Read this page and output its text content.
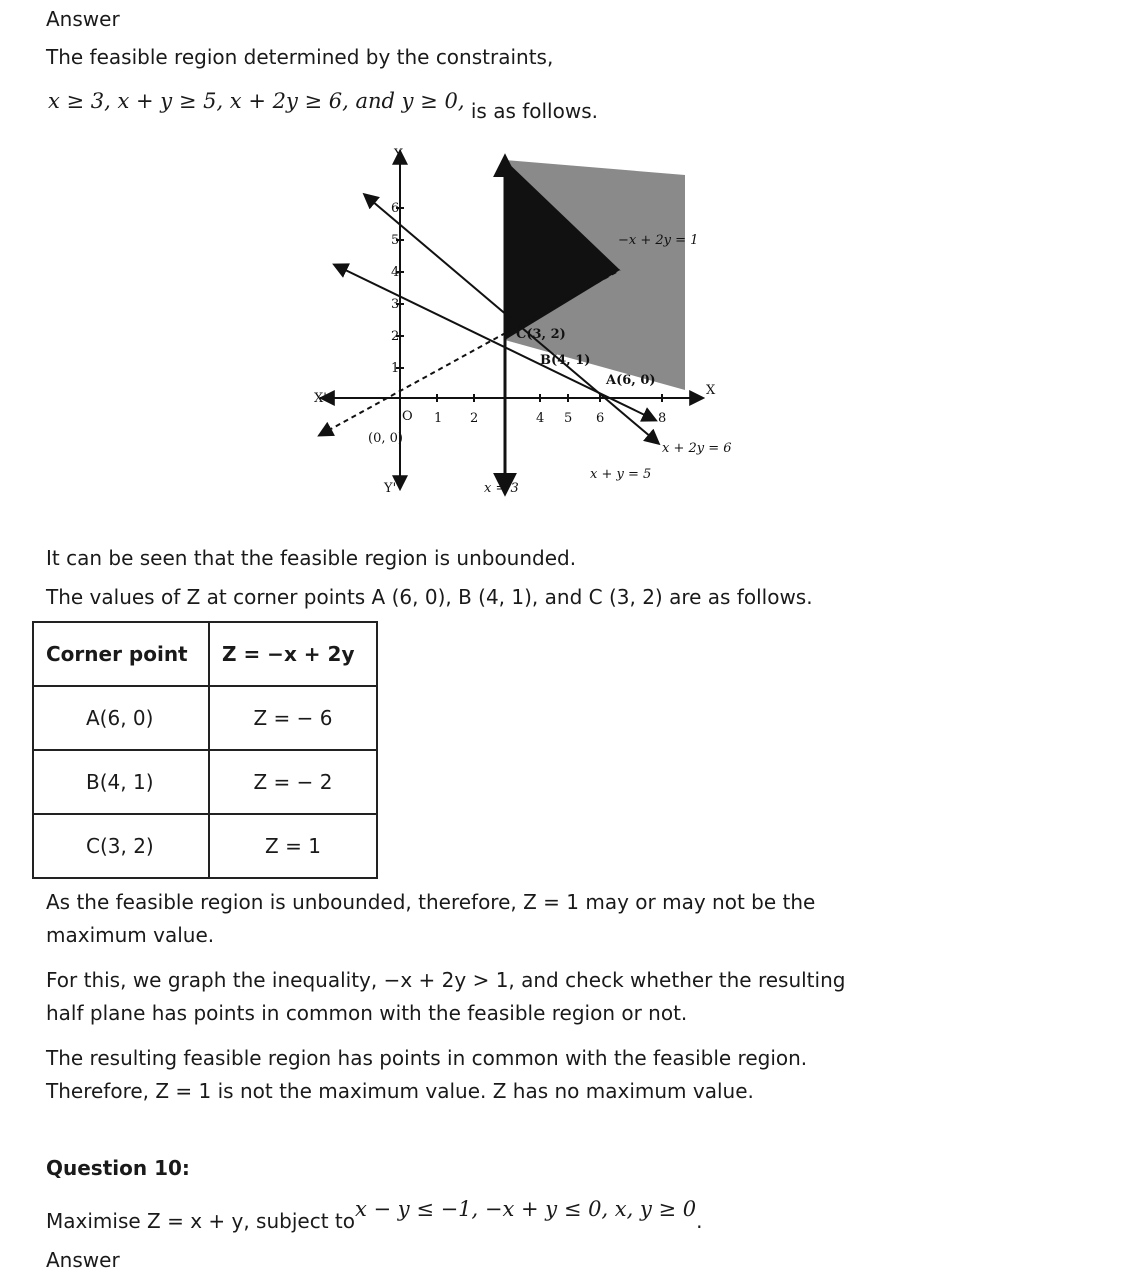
Answer
The feasible region determined by the constraints,
x ≥ 3, x + y ≥ 5, x + 2y ≥ 6, and y ≥ 0, is as follows.
6
5
4
3
2
1
1 2	4 5 6	8
Y
Y'
X
X'
O
(0, 0)
C(3, 2)
B(4, 1)
A(6, 0)
x = 3
x + y = 5
x + 2y = 6
−x + 2y = 1
It can be seen that the feasible region is unbounded.
The values of Z at corner points A (6, 0), B (4, 1), and C (3, 2) are as follows.
Corner point	Z = −x + 2y
A(6, 0)	Z = − 6
B(4, 1)	Z = − 2
C(3, 2)	Z = 1
As the feasible region is unbounded, therefore, Z = 1 may or may not be the
maximum value.
For this, we graph the inequality, −x + 2y > 1, and check whether the resulting
half plane has points in common with the feasible region or not.
The resulting feasible region has points in common with the feasible region.
Therefore, Z = 1 is not the maximum value. Z has no maximum value.
Question 10:
Maximise Z = x + y, subject tox − y ≤ −1, −x + y ≤ 0, x, y ≥ 0.
Answer
